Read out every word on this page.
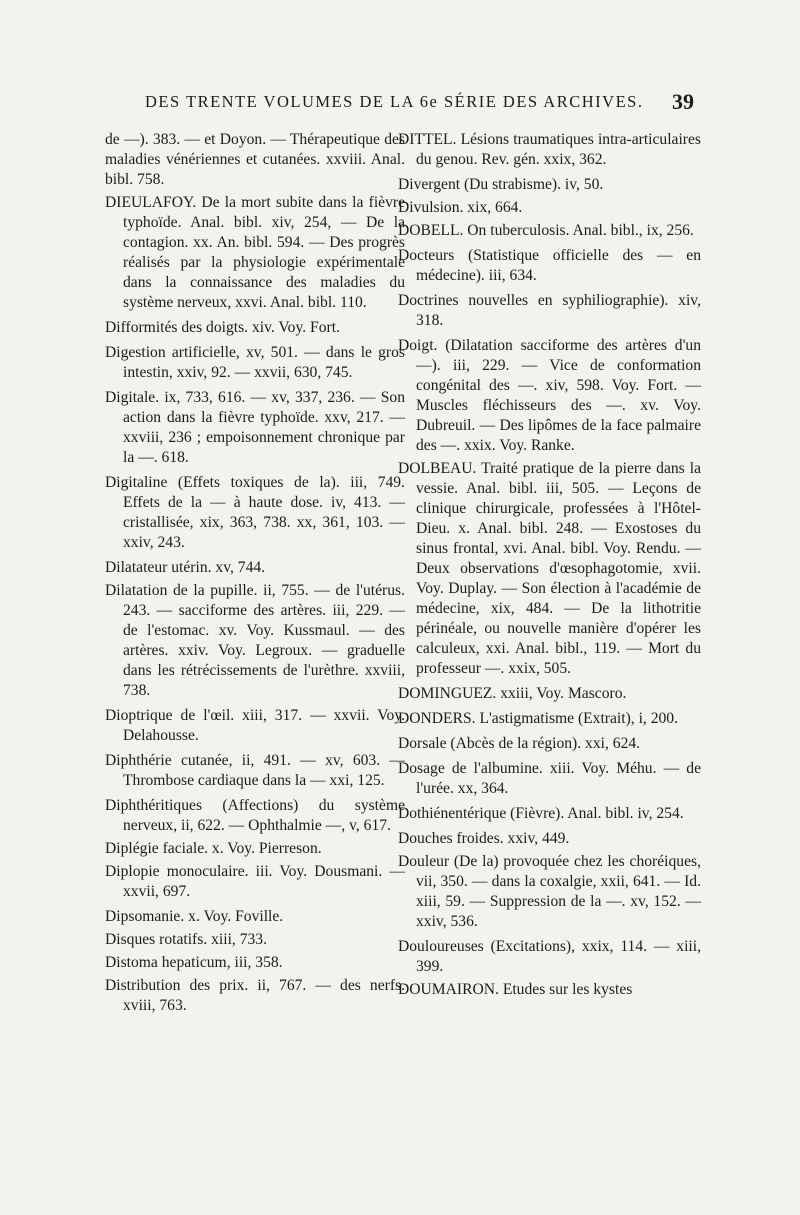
DES TRENTE VOLUMES DE LA 6e SÉRIE DES ARCHIVES. 39

de —). 383. — et Doyon. — Thérapeutique des maladies vénériennes et cutanées. xxviii. Anal. bibl. 758.

DIEULAFOY. De la mort subite dans la fièvre typhoïde. Anal. bibl. xiv, 254, — De la contagion. xx. An. bibl. 594. — Des progrès réalisés par la physiologie expérimentale dans la connaissance des maladies du système nerveux, xxvi. Anal. bibl. 110.

Difformités des doigts. xiv. Voy. Fort.

Digestion artificielle, xv, 501. — dans le gros intestin, xxiv, 92. — xxvii, 630, 745.

Digitale. ix, 733, 616. — xv, 337, 236. — Son action dans la fièvre typhoïde. xxv, 217. — xxviii, 236 ; empoisonnement chronique par la —. 618.

Digitaline (Effets toxiques de la). iii, 749. Effets de la — à haute dose. iv, 413. — cristallisée, xix, 363, 738. xx, 361, 103. — xxiv, 243.

Dilatateur utérin. xv, 744.

Dilatation de la pupille. ii, 755. — de l'utérus. 243. — sacciforme des artères. iii, 229. — de l'estomac. xv. Voy. Kussmaul. — des artères. xxiv. Voy. Legroux. — graduelle dans les rétrécissements de l'urèthre. xxviii, 738.

Dioptrique de l'œil. xiii, 317. — xxvii. Voy. Delahousse.

Diphthérie cutanée, ii, 491. — xv, 603. — Thrombose cardiaque dans la — xxi, 125.

Diphthéritiques (Affections) du système nerveux, ii, 622. — Ophthalmie —, v, 617.

Diplégie faciale. x. Voy. Pierreson.

Diplopie monoculaire. iii. Voy. Dousmani. — xxvii, 697.

Dipsomanie. x. Voy. Foville.

Disques rotatifs. xiii, 733.

Distoma hepaticum, iii, 358.

Distribution des prix. ii, 767. — des nerfs. xviii, 763.

DITTEL. Lésions traumatiques intra-articulaires du genou. Rev. gén. xxix, 362.

Divergent (Du strabisme). iv, 50.

Divulsion. xix, 664.

DOBELL. On tuberculosis. Anal. bibl., ix, 256.

Docteurs (Statistique officielle des — en médecine). iii, 634.

Doctrines nouvelles en syphiliographie). xiv, 318.

Doigt. (Dilatation sacciforme des artères d'un —). iii, 229. — Vice de conformation congénital des —. xiv, 598. Voy. Fort. — Muscles fléchisseurs des —. xv. Voy. Dubreuil. — Des lipômes de la face palmaire des —. xxix. Voy. Ranke.

DOLBEAU. Traité pratique de la pierre dans la vessie. Anal. bibl. iii, 505. — Leçons de clinique chirurgicale, professées à l'Hôtel-Dieu. x. Anal. bibl. 248. — Exostoses du sinus frontal, xvi. Anal. bibl. Voy. Rendu. — Deux observations d'œsophagotomie, xvii. Voy. Duplay. — Son élection à l'académie de médecine, xix, 484. — De la lithotritie périnéale, ou nouvelle manière d'opérer les calculeux, xxi. Anal. bibl., 119. — Mort du professeur —. xxix, 505.

DOMINGUEZ. xxiii, Voy. Mascoro.

DONDERS. L'astigmatisme (Extrait), i, 200.

Dorsale (Abcès de la région). xxi, 624.

Dosage de l'albumine. xiii. Voy. Méhu. — de l'urée. xx, 364.

Dothiénentérique (Fièvre). Anal. bibl. iv, 254.

Douches froides. xxiv, 449.

Douleur (De la) provoquée chez les choréiques, vii, 350. — dans la coxalgie, xxii, 641. — Id. xiii, 59. — Suppression de la —. xv, 152. — xxiv, 536.

Douloureuses (Excitations), xxix, 114. — xiii, 399.

DOUMAIRON. Etudes sur les kystes
